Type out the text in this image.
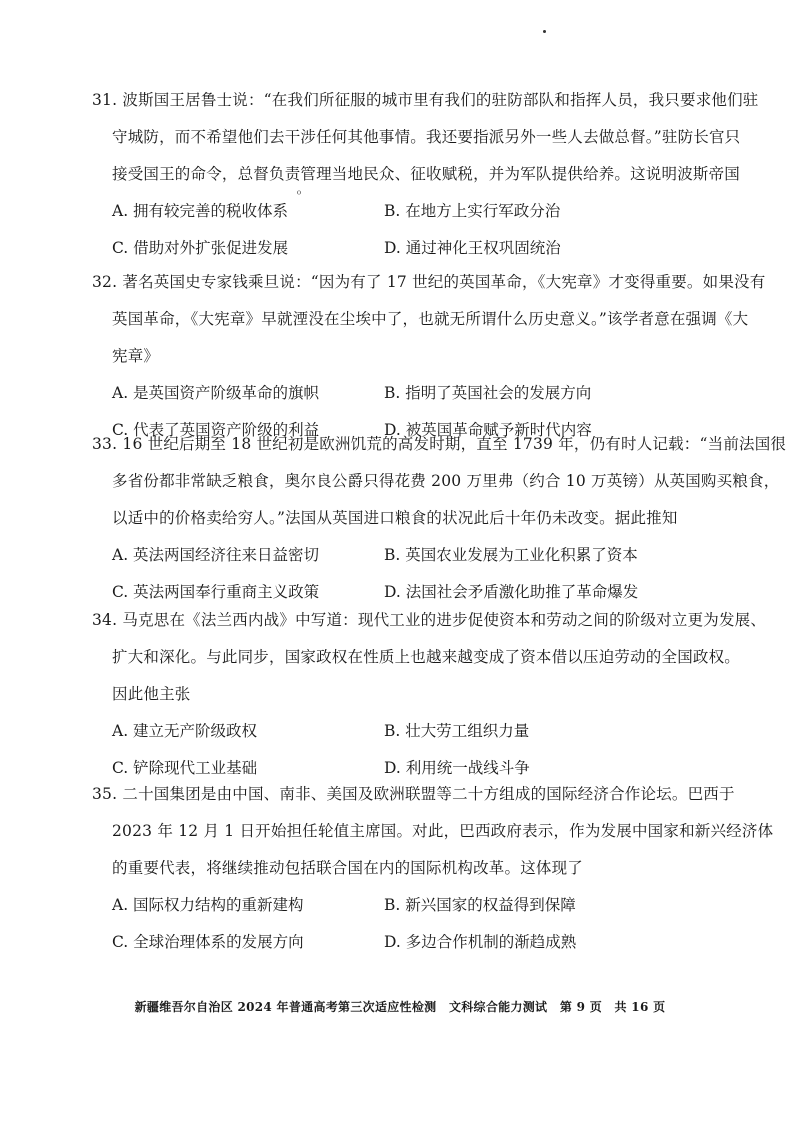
⁰
31. 波斯国王居鲁士说：“在我们所征服的城市里有我们的驻防部队和指挥人员，我只要求他们驻
守城防，而不希望他们去干涉任何其他事情。我还要指派另外一些人去做总督。”驻防长官只
接受国王的命令，总督负责管理当地民众、征收赋税，并为军队提供给养。这说明波斯帝国
A. 拥有较完善的税收体系	B. 在地方上实行军政分治
C. 借助对外扩张促进发展	D. 通过神化王权巩固统治
32. 著名英国史专家钱乘旦说：“因为有了 17 世纪的英国革命，《大宪章》才变得重要。如果没有
英国革命，《大宪章》早就湮没在尘埃中了，也就无所谓什么历史意义。”该学者意在强调《大
宪章》
A. 是英国资产阶级革命的旗帜	B. 指明了英国社会的发展方向
C. 代表了英国资产阶级的利益	D. 被英国革命赋予新时代内容
33. 16 世纪后期至 18 世纪初是欧洲饥荒的高发时期，直至 1739 年，仍有时人记载：“当前法国很
多省份都非常缺乏粮食，奥尔良公爵只得花费 200 万里弗（约合 10 万英镑）从英国购买粮食，
以适中的价格卖给穷人。”法国从英国进口粮食的状况此后十年仍未改变。据此推知
A. 英法两国经济往来日益密切	B. 英国农业发展为工业化积累了资本
C. 英法两国奉行重商主义政策	D. 法国社会矛盾激化助推了革命爆发
34. 马克思在《法兰西内战》中写道：现代工业的进步促使资本和劳动之间的阶级对立更为发展、
扩大和深化。与此同步，国家政权在性质上也越来越变成了资本借以压迫劳动的全国政权。
因此他主张
A. 建立无产阶级政权	B. 壮大劳工组织力量
C. 铲除现代工业基础	D. 利用统一战线斗争
35. 二十国集团是由中国、南非、美国及欧洲联盟等二十方组成的国际经济合作论坛。巴西于
2023 年 12 月 1 日开始担任轮值主席国。对此，巴西政府表示，作为发展中国家和新兴经济体
的重要代表，将继续推动包括联合国在内的国际机构改革。这体现了
A. 国际权力结构的重新建构	B. 新兴国家的权益得到保障
C. 全球治理体系的发展方向	D. 多边合作机制的渐趋成熟
新疆维吾尔自治区 2024 年普通高考第三次适应性检测 文科综合能力测试 第 9 页 共 16 页
